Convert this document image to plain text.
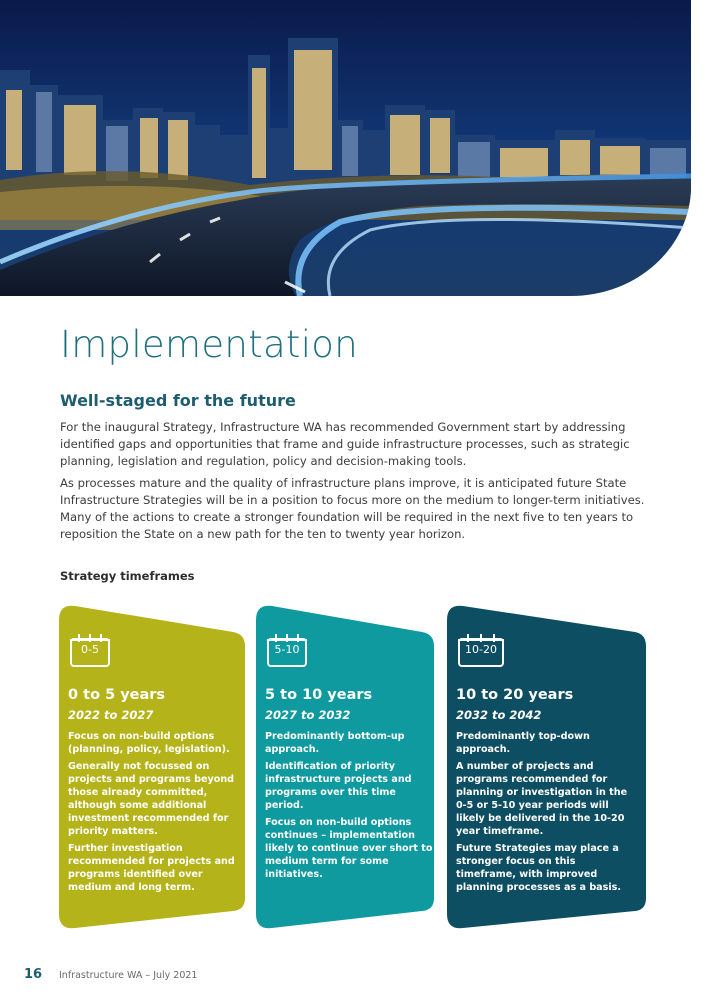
Implementation
Well-staged for the future

For the inaugural Strategy, Infrastructure WA has recommended Government start by addressing identified gaps and opportunities that frame and guide infrastructure processes, such as strategic planning, legislation and regulation, policy and decision-making tools.

As processes mature and the quality of infrastructure plans improve, it is anticipated future State Infrastructure Strategies will be in a position to focus more on the medium to longer-term initiatives. Many of the actions to create a stronger foundation will be required in the next five to ten years to reposition the State on a new path for the ten to twenty year horizon.

Strategy timeframes

0-5

0 to 5 years

2022 to 2027

Focus on non-build options (planning, policy, legislation).

Generally not focussed on projects and programs beyond those already committed, although some additional investment recommended for priority matters.

Further investigation recommended for projects and programs identified over medium and long term.

5-10

5 to 10 years

2027 to 2032

Predominantly bottom-up approach.

Identification of priority infrastructure projects and programs over this time period.

Focus on non-build options continues – implementation likely to continue over short to medium term for some initiatives.

10-20

10 to 20 years

2032 to 2042

Predominantly top-down approach.

A number of projects and programs recommended for planning or investigation in the 0-5 or 5-10 year periods will likely be delivered in the 10-20 year timeframe.

Future Strategies may place a stronger focus on this timeframe, with improved planning processes as a basis.

16 Infrastructure WA – July 2021
